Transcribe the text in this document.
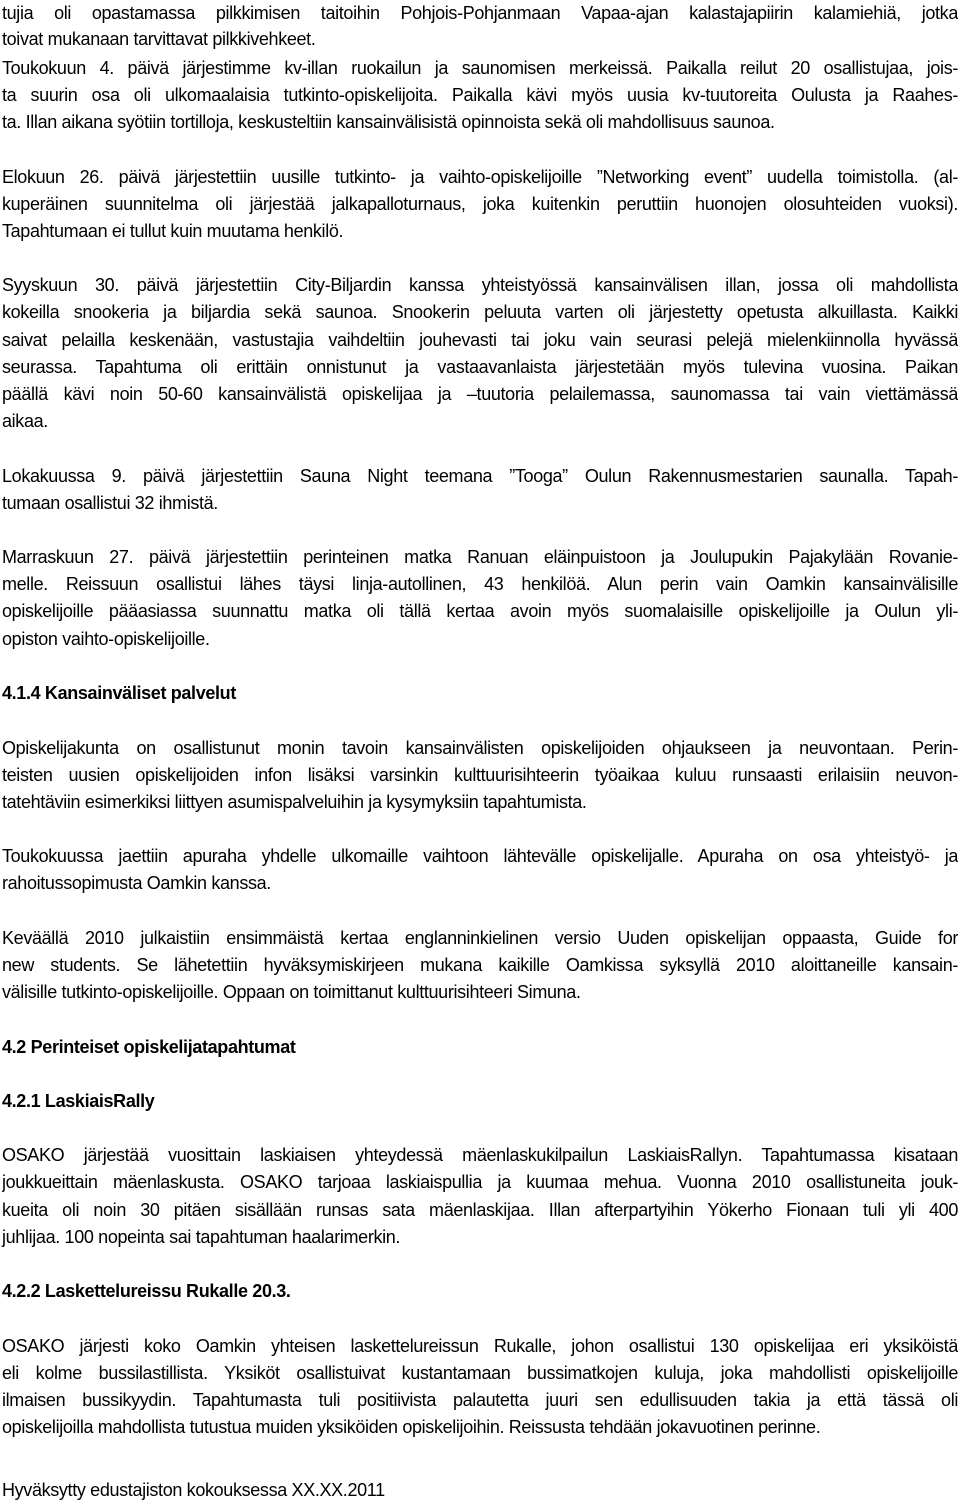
tujia oli opastamassa pilkkimisen taitoihin Pohjois-Pohjanmaan Vapaa-ajan kalastajapiirin kalamiehiä, jotka
toivat mukanaan tarvittavat pilkkivehkeet.
Toukokuun 4. päivä järjestimme kv-illan ruokailun ja saunomisen merkeissä. Paikalla reilut 20 osallistujaa, jois-
ta suurin osa oli ulkomaalaisia tutkinto-opiskelijoita. Paikalla kävi myös uusia kv-tuutoreita Oulusta ja Raahes-
ta. Illan aikana syötiin tortilloja, keskusteltiin kansainvälisistä opinnoista sekä oli mahdollisuus saunoa.
Elokuun 26. päivä järjestettiin uusille tutkinto- ja vaihto-opiskelijoille ”Networking event” uudella toimistolla. (al-
kuperäinen suunnitelma oli järjestää jalkapalloturnaus, joka kuitenkin peruttiin huonojen olosuhteiden vuoksi).
Tapahtumaan ei tullut kuin muutama henkilö.
Syyskuun 30. päivä järjestettiin City-Biljardin kanssa yhteistyössä kansainvälisen illan, jossa oli mahdollista
kokeilla snookeria ja biljardia sekä saunoa. Snookerin peluuta varten oli järjestetty opetusta alkuillasta. Kaikki
saivat pelailla keskenään, vastustajia vaihdeltiin jouhevasti tai joku vain seurasi pelejä mielenkiinnolla hyvässä
seurassa. Tapahtuma oli erittäin onnistunut ja vastaavanlaista järjestetään myös tulevina vuosina. Paikan
päällä kävi noin 50-60 kansainvälistä opiskelijaa ja –tuutoria pelailemassa, saunomassa tai vain viettämässä
aikaa.
Lokakuussa 9. päivä järjestettiin Sauna Night teemana ”Tooga” Oulun Rakennusmestarien saunalla. Tapah-
tumaan osallistui 32 ihmistä.
Marraskuun 27. päivä järjestettiin perinteinen matka Ranuan eläinpuistoon ja Joulupukin Pajakylään Rovanie-
melle. Reissuun osallistui lähes täysi linja-autollinen, 43 henkilöä. Alun perin vain Oamkin kansainvälisille
opiskelijoille pääasiassa suunnattu matka oli tällä kertaa avoin myös suomalaisille opiskelijoille ja Oulun yli-
opiston vaihto-opiskelijoille.
4.1.4 Kansainväliset palvelut
Opiskelijakunta on osallistunut monin tavoin kansainvälisten opiskelijoiden ohjaukseen ja neuvontaan. Perin-
teisten uusien opiskelijoiden infon lisäksi varsinkin kulttuurisihteerin työaikaa kuluu runsaasti erilaisiin neuvon-
tatehtäviin esimerkiksi liittyen asumispalveluihin ja kysymyksiin tapahtumista.
Toukokuussa jaettiin apuraha yhdelle ulkomaille vaihtoon lähtevälle opiskelijalle. Apuraha on osa yhteistyö- ja
rahoitussopimusta Oamkin kanssa.
Keväällä 2010 julkaistiin ensimmäistä kertaa englanninkielinen versio Uuden opiskelijan oppaasta, Guide for
new students. Se lähetettiin hyväksymiskirjeen mukana kaikille Oamkissa syksyllä 2010 aloittaneille kansain-
välisille tutkinto-opiskelijoille. Oppaan on toimittanut kulttuurisihteeri Simuna.
4.2 Perinteiset opiskelijatapahtumat
4.2.1 LaskiaisRally
OSAKO järjestää vuosittain laskiaisen yhteydessä mäenlaskukilpailun LaskiaisRallyn. Tapahtumassa kisataan
joukkueittain mäenlaskusta. OSAKO tarjoaa laskiaispullia ja kuumaa mehua. Vuonna 2010 osallistuneita jouk-
kueita oli noin 30 pitäen sisällään runsas sata mäenlaskijaa. Illan afterpartyihin Yökerho Fionaan tuli yli 400
juhlijaa. 100 nopeinta sai tapahtuman haalarimerkin.
4.2.2 Laskettelureissu Rukalle 20.3.
OSAKO järjesti koko Oamkin yhteisen laskettelureissun Rukalle, johon osallistui 130 opiskelijaa eri yksiköistä
eli kolme bussilastillista. Yksiköt osallistuivat kustantamaan bussimatkojen kuluja, joka mahdollisti opiskelijoille
ilmaisen bussikyydin. Tapahtumasta tuli positiivista palautetta juuri sen edullisuuden takia ja että tässä oli
opiskelijoilla mahdollista tutustua muiden yksiköiden opiskelijoihin. Reissusta tehdään jokavuotinen perinne.
Hyväksytty edustajiston kokouksessa XX.XX.2011
